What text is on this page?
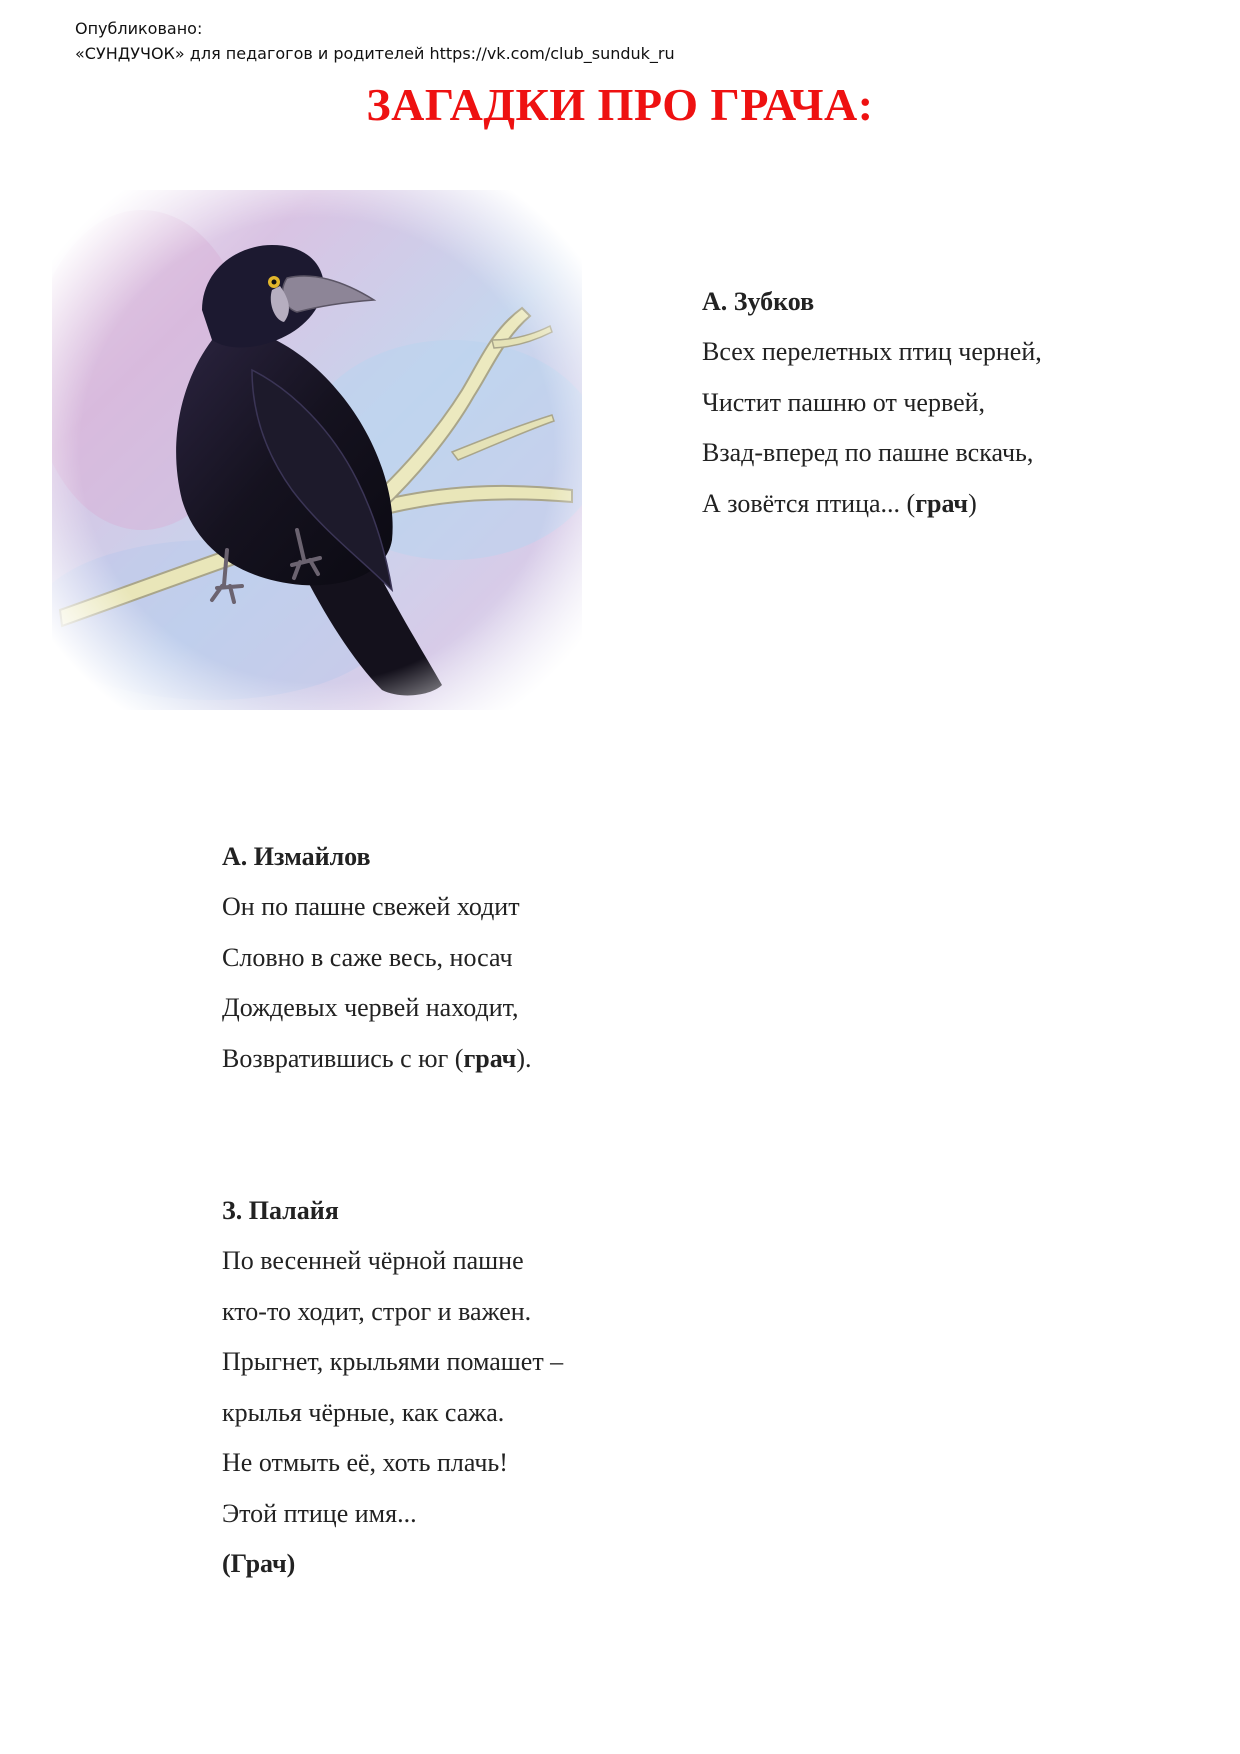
Опубликовано:
«СУНДУЧОК» для педагогов и родителей https://vk.com/club_sunduk_ru
ЗАГАДКИ ПРО ГРАЧА:
А. Зубков
Всех перелетных птиц черней,
Чистит пашню от червей,
Взад-вперед по пашне вскачь,
А зовётся птица... (грач)
А. Измайлов
Он по пашне свежей ходит
Словно в саже весь, носач
Дождевых червей находит,
Возвратившись с юг (грач).
З. Палайя
По весенней чёрной пашне
кто-то ходит, строг и важен.
Прыгнет, крыльями помашет –
крылья чёрные, как сажа.
Не отмыть её, хоть плачь!
Этой птице имя...
(Грач)
